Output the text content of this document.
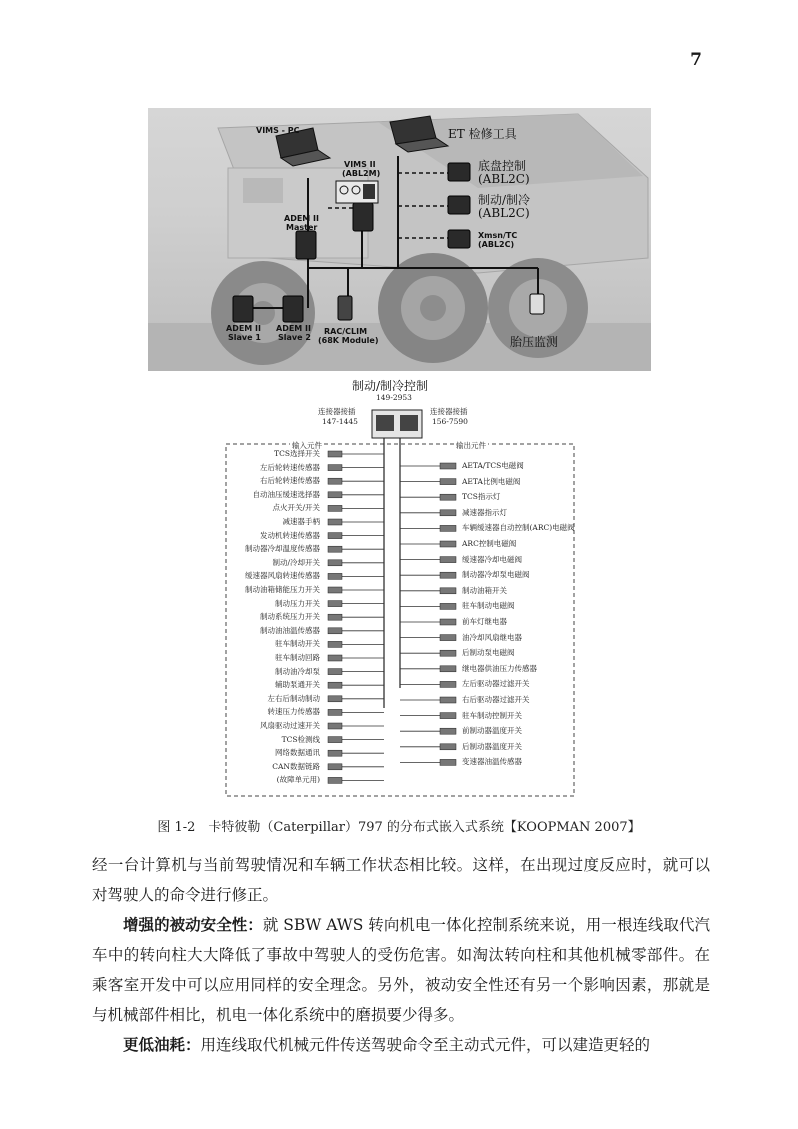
7
VIMS - PC	ET 检修工具
VIMS II
(ABL2M)
底盘控制
(ABL2C)
制动/制冷
(ABL2C)
Xmsn/TC
(ABL2C)
ADEM II
Master
ADEM II
Slave 1
ADEM II
Slave 2
RAC/CLIM
(68K Module)	胎压监测
制动/制冷控制
149-2953
连接器接插
147-1445
连接器接插
156-7590
输入元件	输出元件
TCS选择开关
左后轮转速传感器
右后轮转速传感器
自动油压缓速选择器
点火开关/开关
减速器手柄
发动机转速传感器
制动器冷却温度传感器
制动/冷却开关
缓速器风扇转速传感器
制动油箱储能压力开关
制动压力开关
制动系统压力开关
制动油油温传感器
驻车制动开关
驻车制动回路
制动油冷却泵
辅助泵通开关
左右后制动制动
转速压力传感器
风扇驱动过速开关
TCS检测线
网络数据通讯
CAN数据链路
(故障单元用)
AETA/TCS电磁阀
AETA比例电磁阀
TCS指示灯
减速器指示灯
车辆缓速器自动控制(ARC)电磁阀
ARC控制电磁阀
缓速器冷却电磁阀
制动器冷却泵电磁阀
制动油箱开关
驻车制动电磁阀
前车灯继电器
油冷却风扇继电器
后制动泵电磁阀
继电器供油压力传感器
左后驱动器过滤开关
右后驱动器过滤开关
驻车制动控制开关
前制动器温度开关
后制动器温度开关
变速器油温传感器
图 1-2　卡特彼勒（Caterpillar）797 的分布式嵌入式系统【KOOPMAN 2007】

经一台计算机与当前驾驶情况和车辆工作状态相比较。这样，在出现过度反应时，就可以对驾驶人的命令进行修正。

增强的被动安全性：就 SBW AWS 转向机电一体化控制系统来说，用一根连线取代汽车中的转向柱大大降低了事故中驾驶人的受伤危害。如淘汰转向柱和其他机械零部件。在乘客室开发中可以应用同样的安全理念。另外，被动安全性还有另一个影响因素，那就是与机械部件相比，机电一体化系统中的磨损要少得多。

更低油耗：用连线取代机械元件传送驾驶命令至主动式元件，可以建造更轻的
